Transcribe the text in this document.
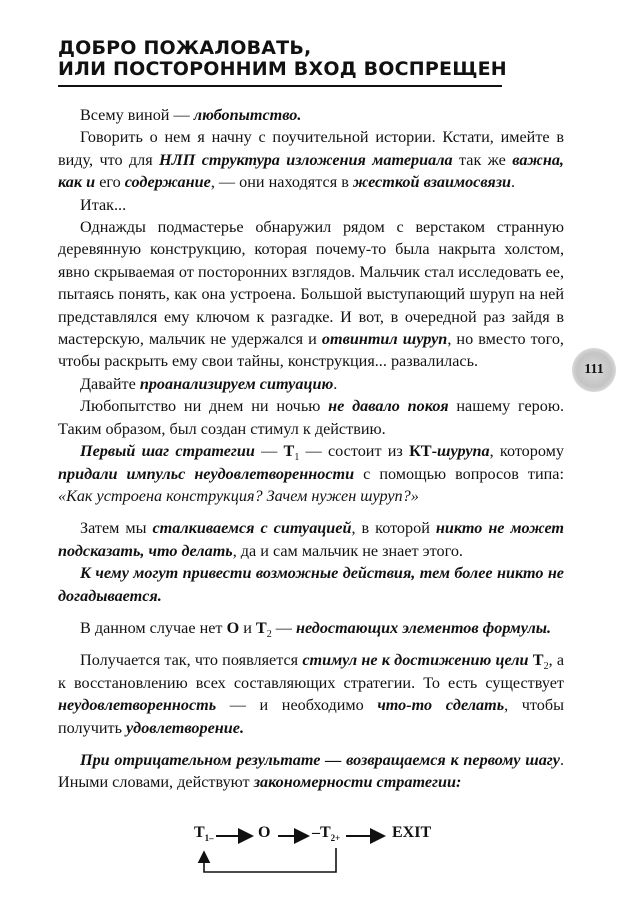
ДОБРО ПОЖАЛОВАТЬ,
ИЛИ ПОСТОРОННИМ ВХОД ВОСПРЕЩЕН
111

Всему виной — любопытство.

Говорить о нем я начну с поучительной истории. Кстати, имейте в виду, что для НЛП структура изложения материала так же важна, как и его содержание, — они находятся в жесткой взаимосвязи.

Итак...

Однажды подмастерье обнаружил рядом с верстаком странную деревянную конструкцию, которая почему-то была накрыта холстом, явно скрываемая от посторонних взглядов. Мальчик стал исследовать ее, пытаясь понять, как она устроена. Большой выступающий шуруп на ней представлялся ему ключом к разгадке. И вот, в очередной раз зайдя в мастерскую, мальчик не удержался и отвинтил шуруп, но вместо того, чтобы раскрыть ему свои тайны, конструкция... развалилась.

Давайте проанализируем ситуацию.

Любопытство ни днем ни ночью не давало покоя нашему герою. Таким образом, был создан стимул к действию.

Первый шаг стратегии — $T_1$ — состоит из КТ-шурупа, которому придали импульс неудовлетворенности с помощью вопросов типа: «Как устроена конструкция? Зачем нужен шуруп?»

Затем мы сталкиваемся с ситуацией, в которой никто не может подсказать, что делать, да и сам мальчик не знает этого.

К чему могут привести возможные действия, тем более никто не догадывается.

В данном случае нет О и $T_2$ — недостающих элементов формулы.

Получается так, что появляется стимул не к достижению цели $T_2$, а к восстановлению всех составляющих стратегии. То есть существует неудовлетворенность — и необходимо что-то сделать, чтобы получить удовлетворение.

При отрицательном результате — возвращаемся к первому шагу. Иными словами, действуют закономерности стратегии:

$T_{1-}$	O	$-T_{2+}$	EXIT
